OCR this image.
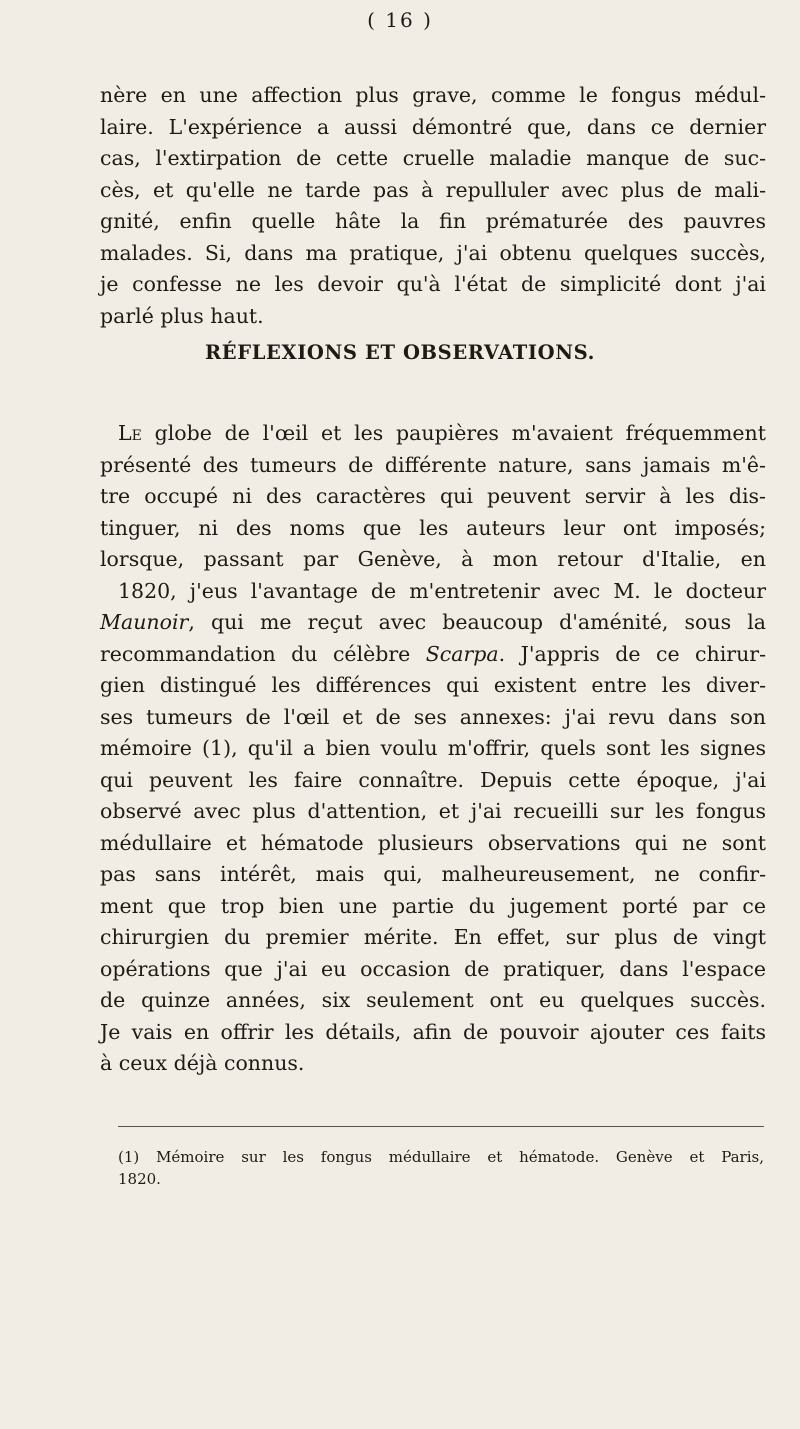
( 16 )
nère en une affection plus grave, comme le fongus médul-
laire. L'expérience a aussi démontré que, dans ce dernier
cas, l'extirpation de cette cruelle maladie manque de suc-
cès, et qu'elle ne tarde pas à repulluler avec plus de mali-
gnité, enfin quelle hâte la fin prématurée des pauvres
malades. Si, dans ma pratique, j'ai obtenu quelques succès,
je confesse ne les devoir qu'à l'état de simplicité dont j'ai
parlé plus haut.
RÉFLEXIONS ET OBSERVATIONS.
Le globe de l'œil et les paupières m'avaient fréquemment
présenté des tumeurs de différente nature, sans jamais m'ê-
tre occupé ni des caractères qui peuvent servir à les dis-
tinguer, ni des noms que les auteurs leur ont imposés;
lorsque, passant par Genève, à mon retour d'Italie, en
1820, j'eus l'avantage de m'entretenir avec M. le docteur
Maunoir, qui me reçut avec beaucoup d'aménité, sous la
recommandation du célèbre Scarpa. J'appris de ce chirur-
gien distingué les différences qui existent entre les diver-
ses tumeurs de l'œil et de ses annexes: j'ai revu dans son
mémoire (1), qu'il a bien voulu m'offrir, quels sont les signes
qui peuvent les faire connaître. Depuis cette époque, j'ai
observé avec plus d'attention, et j'ai recueilli sur les fongus
médullaire et hématode plusieurs observations qui ne sont
pas sans intérêt, mais qui, malheureusement, ne confir-
ment que trop bien une partie du jugement porté par ce
chirurgien du premier mérite. En effet, sur plus de vingt
opérations que j'ai eu occasion de pratiquer, dans l'espace
de quinze années, six seulement ont eu quelques succès.
Je vais en offrir les détails, afin de pouvoir ajouter ces faits
à ceux déjà connus.
(1) Mémoire sur les fongus médullaire et hématode. Genève et Paris,
1820.
